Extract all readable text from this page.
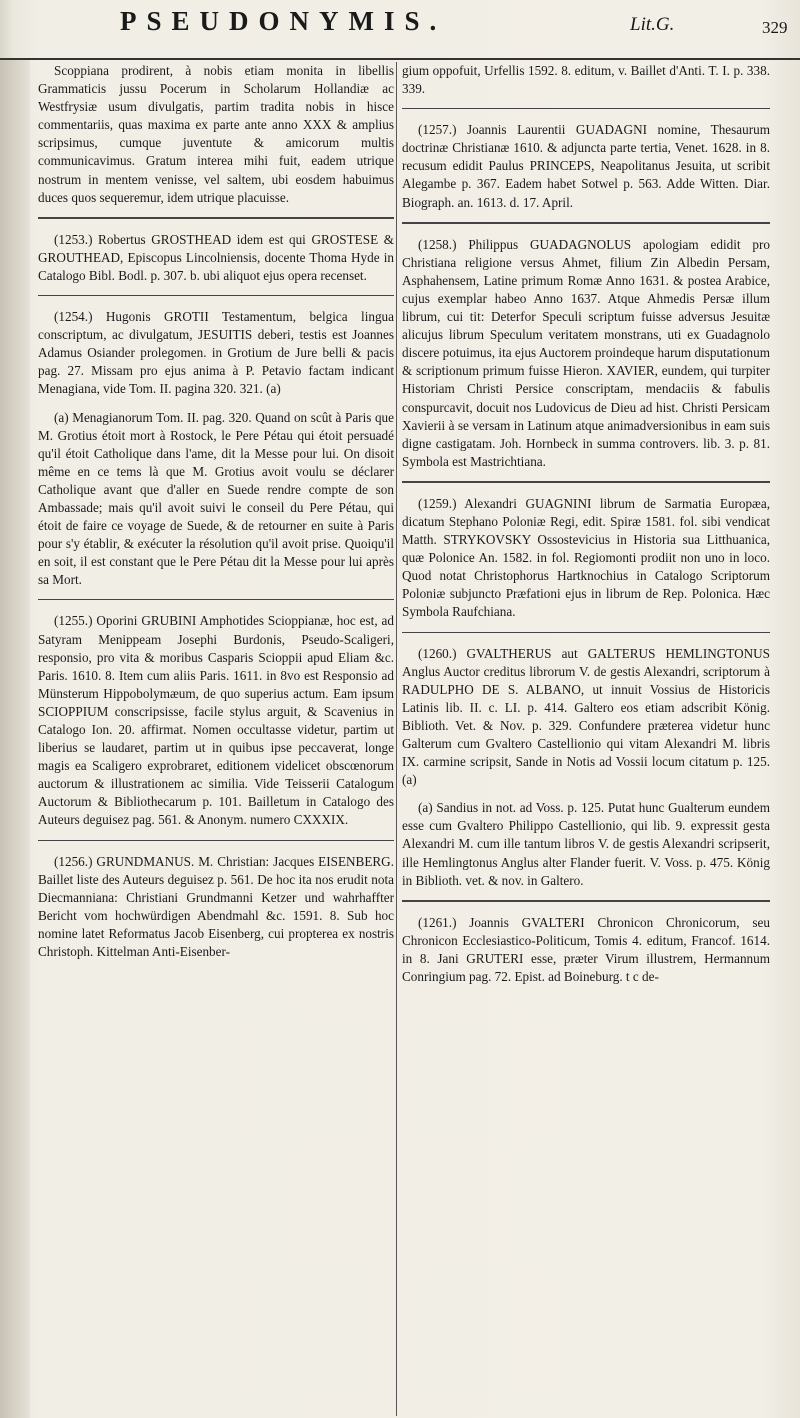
PSEUDONYMIS.	Lit.G.	329

Scoppiana prodirent, à nobis etiam monita in libellis Grammaticis jussu Pocerum in Scholarum Hollandiæ ac Westfrysiæ usum divulgatis, partim tradita nobis in hisce commentariis, quas maxima ex parte ante anno XXX & amplius scripsimus, cumque juventute & amicorum multis communicavimus. Gratum interea mihi fuit, eadem utrique nostrum in mentem venisse, vel saltem, ubi eosdem habuimus duces quos sequeremur, idem utrique placuisse.

(1253.) Robertus GROSTHEAD idem est qui GROSTESE & GROUTHEAD, Episcopus Lincolniensis, docente Thoma Hyde in Catalogo Bibl. Bodl. p. 307. b. ubi aliquot ejus opera recenset.

(1254.) Hugonis GROTII Testamentum, belgica lingua conscriptum, ac divulgatum, JESUITIS deberi, testis est Joannes Adamus Osiander prolegomen. in Grotium de Jure belli & pacis pag. 27. Missam pro ejus anima à P. Petavio factam indicant Menagiana, vide Tom. II. pagina 320. 321. (a)

(a) Menagianorum Tom. II. pag. 320. Quand on scût à Paris que M. Grotius étoit mort à Rostock, le Pere Pétau qui étoit persuadé qu'il étoit Catholique dans l'ame, dit la Messe pour lui. On disoit même en ce tems là que M. Grotius avoit voulu se déclarer Catholique avant que d'aller en Suede rendre compte de son Ambassade; mais qu'il avoit suivi le conseil du Pere Pétau, qui étoit de faire ce voyage de Suede, & de retourner en suite à Paris pour s'y établir, & exécuter la résolution qu'il avoit prise. Quoiqu'il en soit, il est constant que le Pere Pétau dit la Messe pour lui après sa Mort.

(1255.) Oporini GRUBINI Amphotides Scioppianæ, hoc est, ad Satyram Menippeam Josephi Burdonis, Pseudo-Scaligeri, responsio, pro vita & moribus Casparis Scioppii apud Eliam &c. Paris. 1610. 8. Item cum aliis Paris. 1611. in 8vo est Responsio ad Münsterum Hippobolymæum, de quo superius actum. Eam ipsum SCIOPPIUM conscripsisse, facile stylus arguit, & Scavenius in Catalogo Ion. 20. affirmat. Nomen occultasse videtur, partim ut liberius se laudaret, partim ut in quibus ipse peccaverat, longe magis ea Scaligero exprobraret, editionem videlicet obscœnorum auctorum & illustrationem ac similia. Vide Teisserii Catalogum Auctorum & Bibliothecarum p. 101. Bailletum in Catalogo des Auteurs deguisez pag. 561. & Anonym. numero CXXXIX.

(1256.) GRUNDMANUS. M. Christian: Jacques EISENBERG. Baillet liste des Auteurs deguisez p. 561. De hoc ita nos erudit nota Diecmanniana: Christiani Grundmanni Ketzer und wahrhaffter Bericht vom hochwürdigen Abendmahl &c. 1591. 8. Sub hoc nomine latet Reformatus Jacob Eisenberg, cui propterea ex nostris Christoph. Kittelman Anti-Eisenber-

gium oppofuit, Urfellis 1592. 8. editum, v. Baillet d'Anti. T. I. p. 338. 339.

(1257.) Joannis Laurentii GUADAGNI nomine, Thesaurum doctrinæ Christianæ 1610. & adjuncta parte tertia, Venet. 1628. in 8. recusum edidit Paulus PRINCEPS, Neapolitanus Jesuita, ut scribit Alegambe p. 367. Eadem habet Sotwel p. 563. Adde Witten. Diar. Biograph. an. 1613. d. 17. April.

(1258.) Philippus GUADAGNOLUS apologiam edidit pro Christiana religione versus Ahmet, filium Zin Albedin Persam, Asphahensem, Latine primum Romæ Anno 1631. & postea Arabice, cujus exemplar habeo Anno 1637. Atque Ahmedis Persæ illum librum, cui tit: Deterfor Speculi scriptum fuisse adversus Jesuitæ alicujus librum Speculum veritatem monstrans, uti ex Guadagnolo discere potuimus, ita ejus Auctorem proindeque harum disputationum & scriptionum primum fuisse Hieron. XAVIER, eundem, qui turpiter Historiam Christi Persice conscriptam, mendaciis & fabulis conspurcavit, docuit nos Ludovicus de Dieu ad hist. Christi Persicam Xavierii à se versam in Latinum atque animadversionibus in eam suis digne castigatam. Joh. Hornbeck in summa controvers. lib. 3. p. 81. Symbola est Mastrichtiana.

(1259.) Alexandri GUAGNINI librum de Sarmatia Europæa, dicatum Stephano Poloniæ Regi, edit. Spiræ 1581. fol. sibi vendicat Matth. STRYKOVSKY Ossostevicius in Historia sua Litthuanica, quæ Polonice An. 1582. in fol. Regiomonti prodiit non uno in loco. Quod notat Christophorus Hartknochius in Catalogo Scriptorum Poloniæ subjuncto Præfationi ejus in librum de Rep. Polonica. Hæc Symbola Raufchiana.

(1260.) GVALTHERUS aut GALTERUS HEMLINGTONUS Anglus Auctor creditus librorum V. de gestis Alexandri, scriptorum à RADULPHO DE S. ALBANO, ut innuit Vossius de Historicis Latinis lib. II. c. LI. p. 414. Galtero eos etiam adscribit König. Biblioth. Vet. & Nov. p. 329. Confundere præterea videtur hunc Galterum cum Gvaltero Castellionio qui vitam Alexandri M. libris IX. carmine scripsit, Sande in Notis ad Vossii locum citatum p. 125. (a)

(a) Sandius in not. ad Voss. p. 125. Putat hunc Gualterum eundem esse cum Gvaltero Philippo Castellionio, qui lib. 9. expressit gesta Alexandri M. cum ille tantum libros V. de gestis Alexandri scripserit, ille Hemlingtonus Anglus alter Flander fuerit. V. Voss. p. 475. König in Biblioth. vet. & nov. in Galtero.

(1261.) Joannis GVALTERI Chronicon Chronicorum, seu Chronicon Ecclesiastico-Politicum, Tomis 4. editum, Francof. 1614. in 8. Jani GRUTERI esse, præter Virum illustrem, Hermannum Conringium pag. 72. Epist. ad Boineburg. t c de-
